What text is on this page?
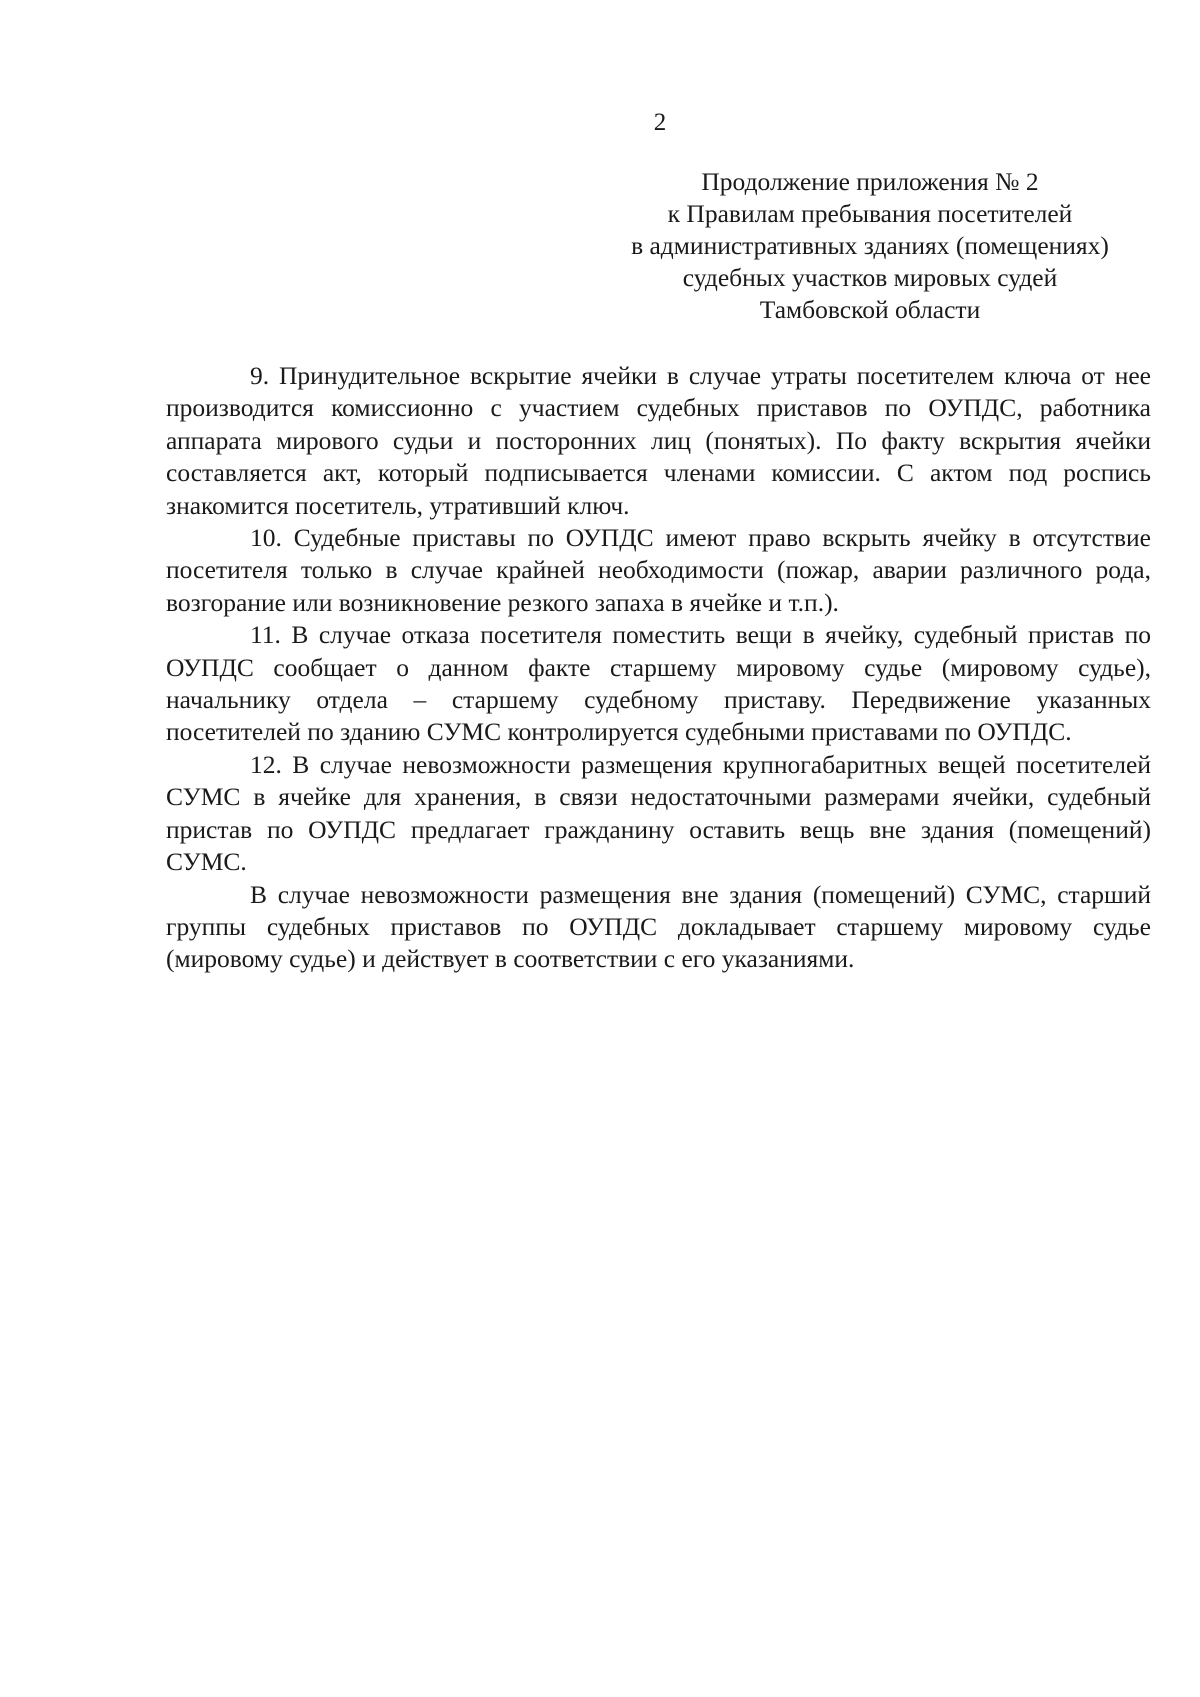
2
Продолжение приложения № 2
к Правилам пребывания посетителей
в административных зданиях (помещениях)
судебных участков мировых судей
Тамбовской области

9. Принудительное вскрытие ячейки в случае утраты посетителем ключа от нее производится комиссионно с участием судебных приставов по ОУПДС, работника аппарата мирового судьи и посторонних лиц (понятых). По факту вскрытия ячейки составляется акт, который подписывается членами комиссии. С актом под роспись знакомится посетитель, утративший ключ.

10. Судебные приставы по ОУПДС имеют право вскрыть ячейку в отсутствие посетителя только в случае крайней необходимости (пожар, аварии различного рода, возгорание или возникновение резкого запаха в ячейке и т.п.).

11. В случае отказа посетителя поместить вещи в ячейку, судебный пристав по ОУПДС сообщает о данном факте старшему мировому судье (мировому судье), начальнику отдела – старшему судебному приставу. Передвижение указанных посетителей по зданию СУМС контролируется судебными приставами по ОУПДС.

12. В случае невозможности размещения крупногабаритных вещей посетителей СУМС в ячейке для хранения, в связи недостаточными размерами ячейки, судебный пристав по ОУПДС предлагает гражданину оставить вещь вне здания (помещений) СУМС.

В случае невозможности размещения вне здания (помещений) СУМС, старший группы судебных приставов по ОУПДС докладывает старшему мировому судье (мировому судье) и действует в соответствии с его указаниями.
